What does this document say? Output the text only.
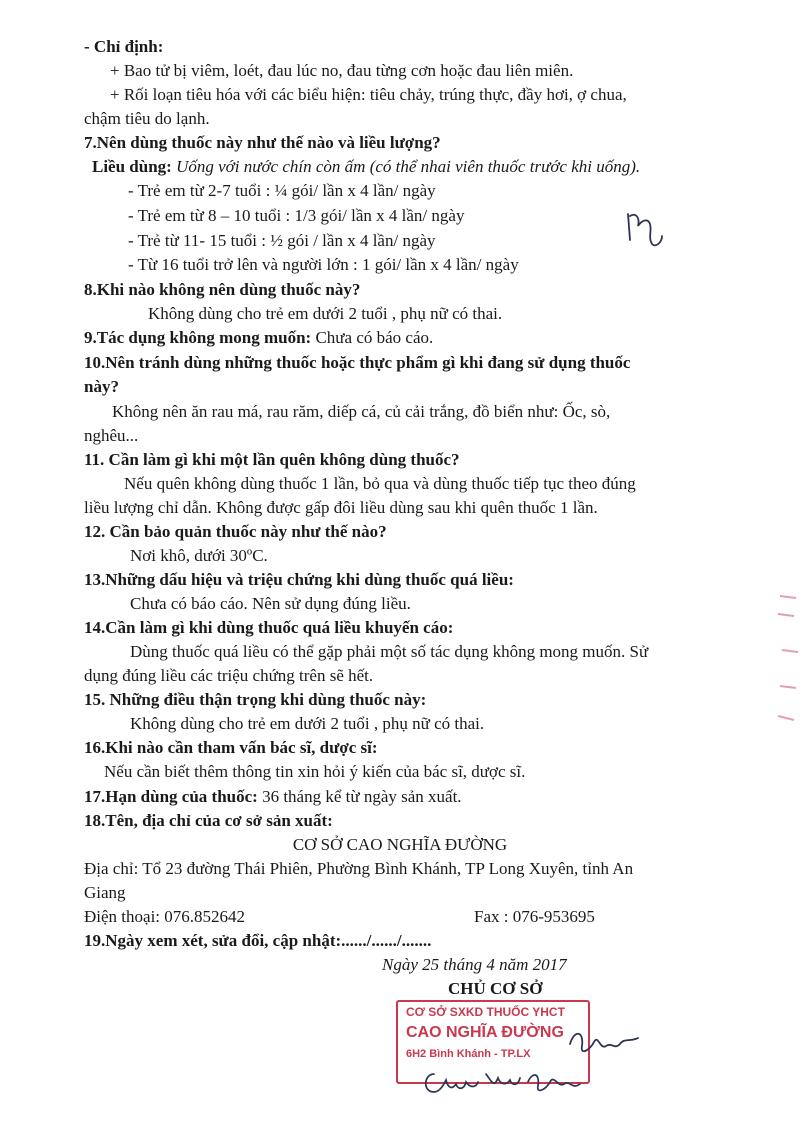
- Chỉ định:
+ Bao tử bị viêm, loét, đau lúc no, đau từng cơn hoặc đau liên miên.
+ Rối loạn tiêu hóa với các biểu hiện: tiêu chảy, trúng thực, đầy hơi, ợ chua,
chậm tiêu do lạnh.
7.Nên dùng thuốc này như thế nào và liều lượng?
Liều dùng: Uống với nước chín còn ấm (có thể nhai viên thuốc trước khi uống).
- Trẻ em từ 2-7 tuổi : ¼ gói/ lần x 4 lần/ ngày
- Trẻ em từ 8 – 10 tuổi : 1/3 gói/ lần x 4 lần/ ngày
- Trẻ từ 11- 15 tuổi : ½ gói / lần x 4 lần/ ngày
- Từ 16 tuổi trở lên và người lớn : 1 gói/ lần x 4 lần/ ngày
8.Khi nào không nên dùng thuốc này?
Không dùng cho trẻ em dưới 2 tuổi , phụ nữ có thai.
9.Tác dụng không mong muốn: Chưa có báo cáo.
10.Nên tránh dùng những thuốc hoặc thực phẩm gì khi đang sử dụng thuốc
này?
Không nên ăn rau má, rau răm, diếp cá, củ cải trắng, đồ biển như: Ốc, sò,
nghêu...
11. Cần làm gì khi một lần quên không dùng thuốc?
Nếu quên không dùng thuốc 1 lần, bỏ qua và dùng thuốc tiếp tục theo đúng
liều lượng chỉ dẫn. Không được gấp đôi liều dùng sau khi quên thuốc 1 lần.
12. Cần bảo quản thuốc này như thế nào?
Nơi khô, dưới 30ºC.
13.Những dấu hiệu và triệu chứng khi dùng thuốc quá liều:
Chưa có báo cáo. Nên sử dụng đúng liều.
14.Cần làm gì khi dùng thuốc quá liều khuyến cáo:
Dùng thuốc quá liều có thể gặp phải một số tác dụng không mong muốn. Sử
dụng đúng liều các triệu chứng trên sẽ hết.
15. Những điều thận trọng khi dùng thuốc này:
Không dùng cho trẻ em dưới 2 tuổi , phụ nữ có thai.
16.Khi nào cần tham vấn bác sĩ, dược sĩ:
Nếu cần biết thêm thông tin xin hỏi ý kiến của bác sĩ, dược sĩ.
17.Hạn dùng của thuốc: 36 tháng kể từ ngày sản xuất.
18.Tên, địa chỉ của cơ sở sản xuất:
CƠ SỞ CAO NGHĨA ĐƯỜNG
Địa chỉ: Tổ 23 đường Thái Phiên, Phường Bình Khánh, TP Long Xuyên, tỉnh An
Giang
Điện thoại: 076.852642	Fax : 076-953695
19.Ngày xem xét, sửa đổi, cập nhật:....../....../.......
Ngày 25 tháng 4 năm 2017
CHỦ CƠ SỞ
CƠ SỞ SXKD THUỐC YHCT
CAO NGHĨA ĐƯỜNG
6H2 Bình Khánh - TP.LX
